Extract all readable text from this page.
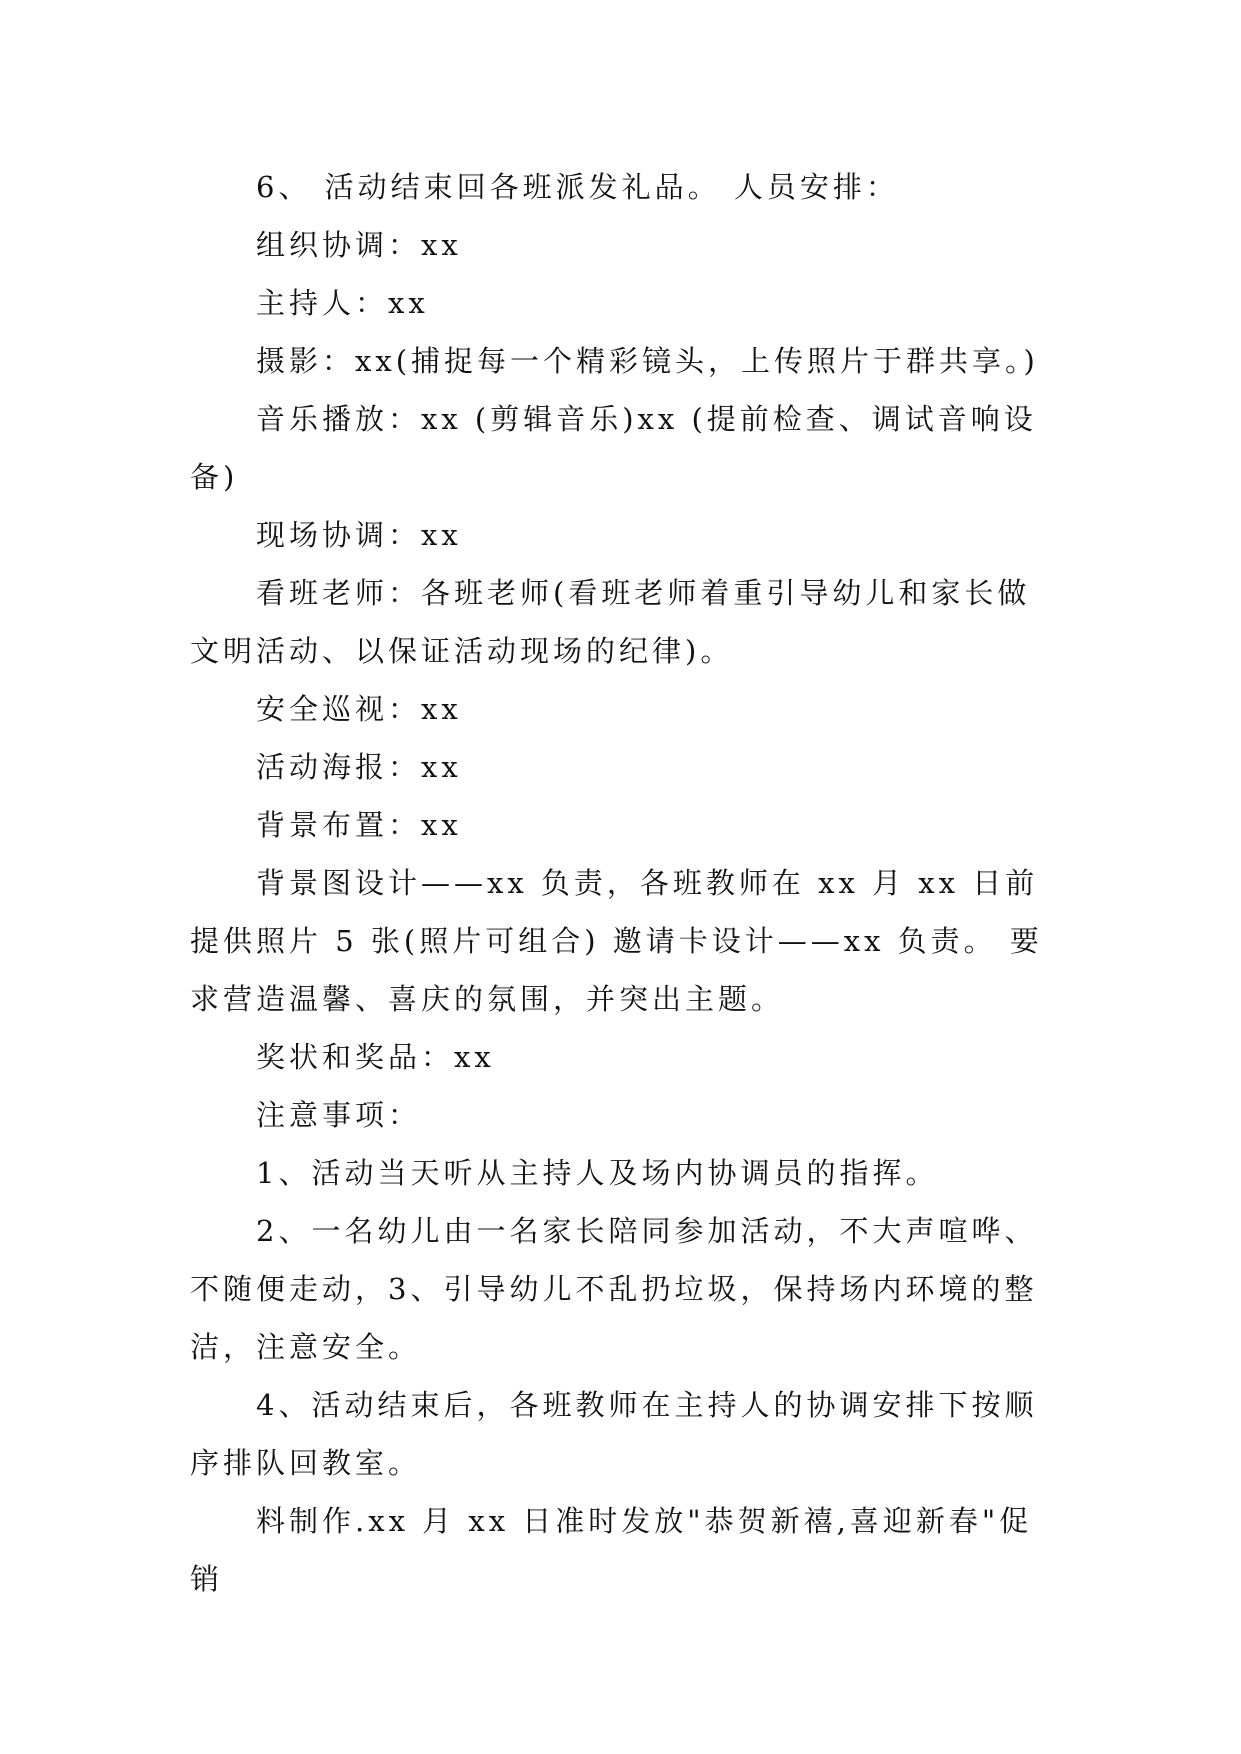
6、 活动结束回各班派发礼品。 人员安排：

组织协调：xx

主持人：xx

摄影：xx(捕捉每一个精彩镜头，上传照片于群共享。)

音乐播放：xx (剪辑音乐)xx (提前检查、调试音响设备)

现场协调：xx

看班老师：各班老师(看班老师着重引导幼儿和家长做文明活动、以保证活动现场的纪律)。

安全巡视：xx

活动海报：xx

背景布置：xx

背景图设计——xx 负责，各班教师在 xx 月 xx 日前提供照片 5 张(照片可组合) 邀请卡设计——xx 负责。 要求营造温馨、喜庆的氛围，并突出主题。

奖状和奖品：xx

注意事项：

1、活动当天听从主持人及场内协调员的指挥。

2、一名幼儿由一名家长陪同参加活动，不大声喧哗、不随便走动，3、引导幼儿不乱扔垃圾，保持场内环境的整洁，注意安全。

4、活动结束后，各班教师在主持人的协调安排下按顺序排队回教室。

料制作.xx 月 xx 日准时发放"恭贺新禧,喜迎新春"促销
